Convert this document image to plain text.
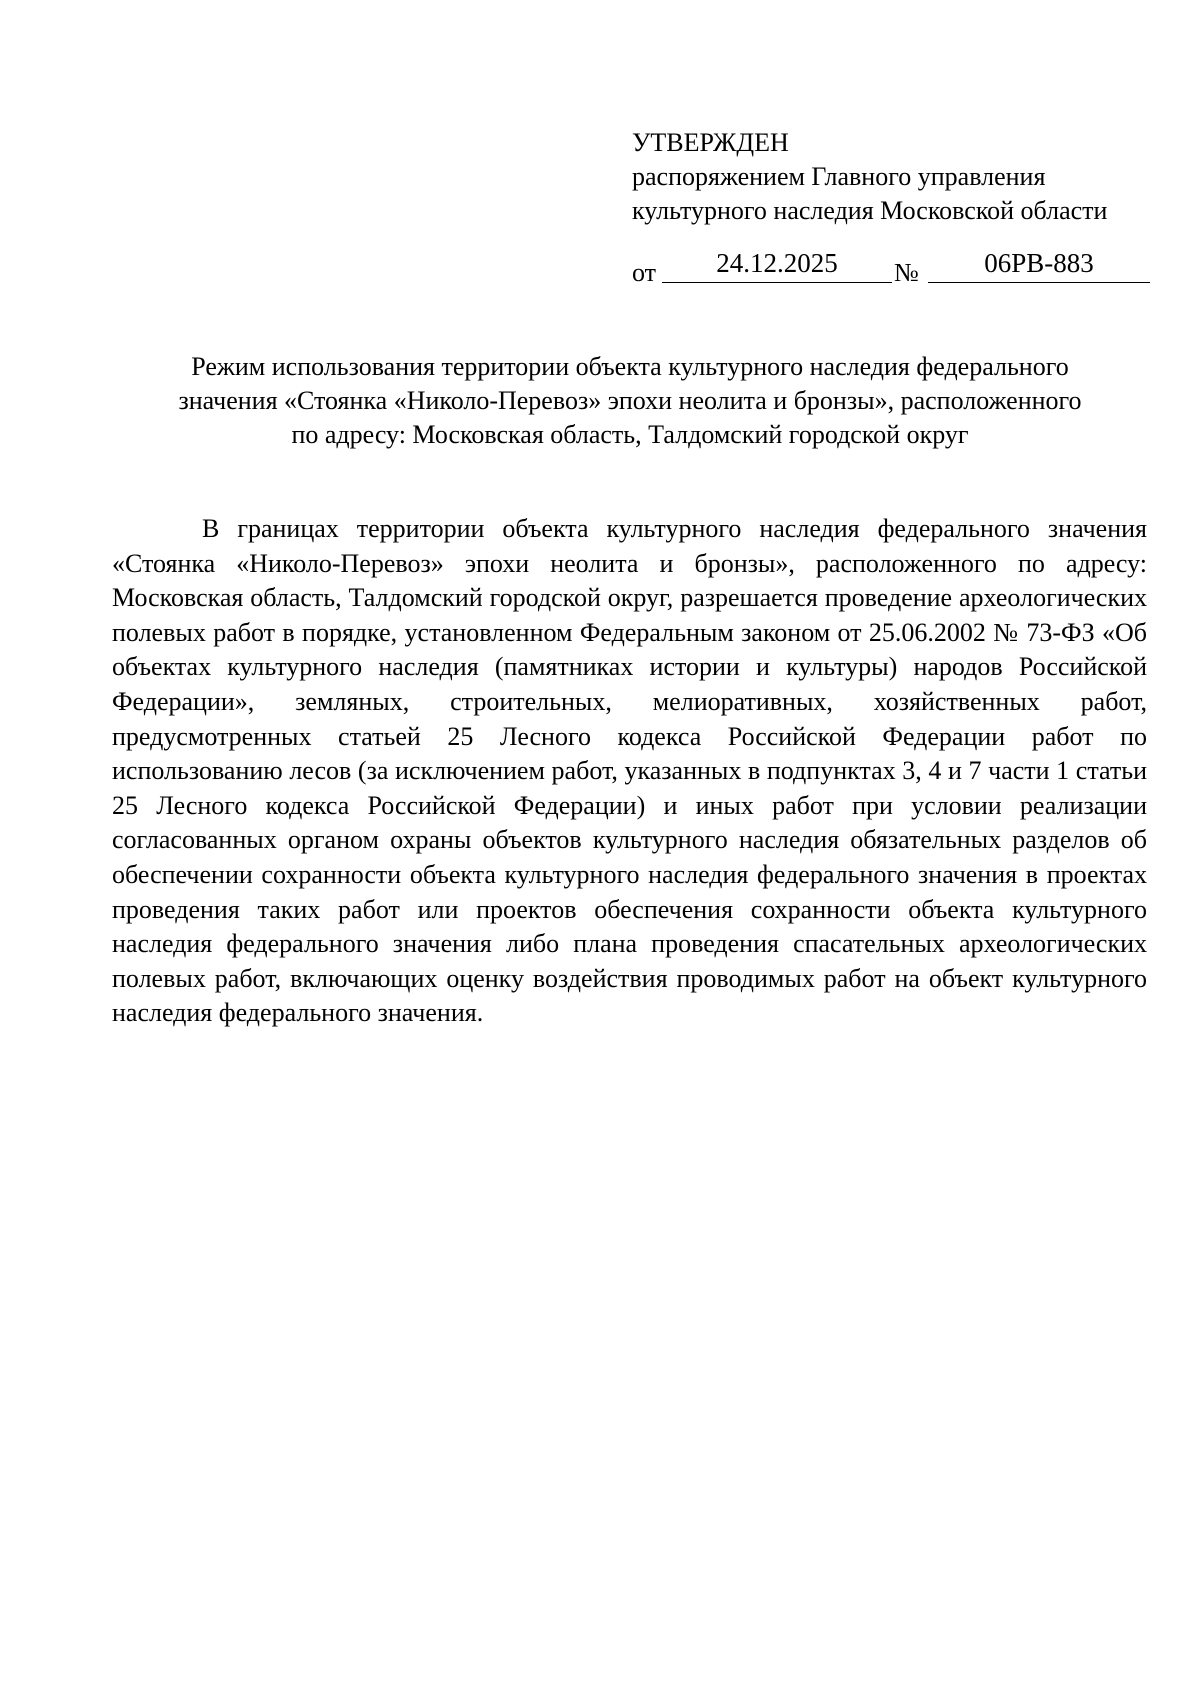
УТВЕРЖДЕН
распоряжением Главного управления
культурного наследия Московской области
от	24.12.2025	№	06РВ-883
Режим использования территории объекта культурного наследия федерального
значения «Стоянка «Николо-Перевоз» эпохи неолита и бронзы», расположенного
по адресу: Московская область, Талдомский городской округ
В границах территории объекта культурного наследия федерального значения «Стоянка «Николо-Перевоз» эпохи неолита и бронзы», расположенного по адресу: Московская область, Талдомский городской округ, разрешается проведение археологических полевых работ в порядке, установленном Федеральным законом от 25.06.2002 № 73-ФЗ «Об объектах культурного наследия (памятниках истории и культуры) народов Российской Федерации», земляных, строительных, мелиоративных, хозяйственных работ, предусмотренных статьей 25 Лесного кодекса Российской Федерации работ по использованию лесов (за исключением работ, указанных в подпунктах 3, 4 и 7 части 1 статьи 25 Лесного кодекса Российской Федерации) и иных работ при условии реализации согласованных органом охраны объектов культурного наследия обязательных разделов об обеспечении сохранности объекта культурного наследия федерального значения в проектах проведения таких работ или проектов обеспечения сохранности объекта культурного наследия федерального значения либо плана проведения спасательных археологических полевых работ, включающих оценку воздействия проводимых работ на объект культурного наследия федерального значения.
